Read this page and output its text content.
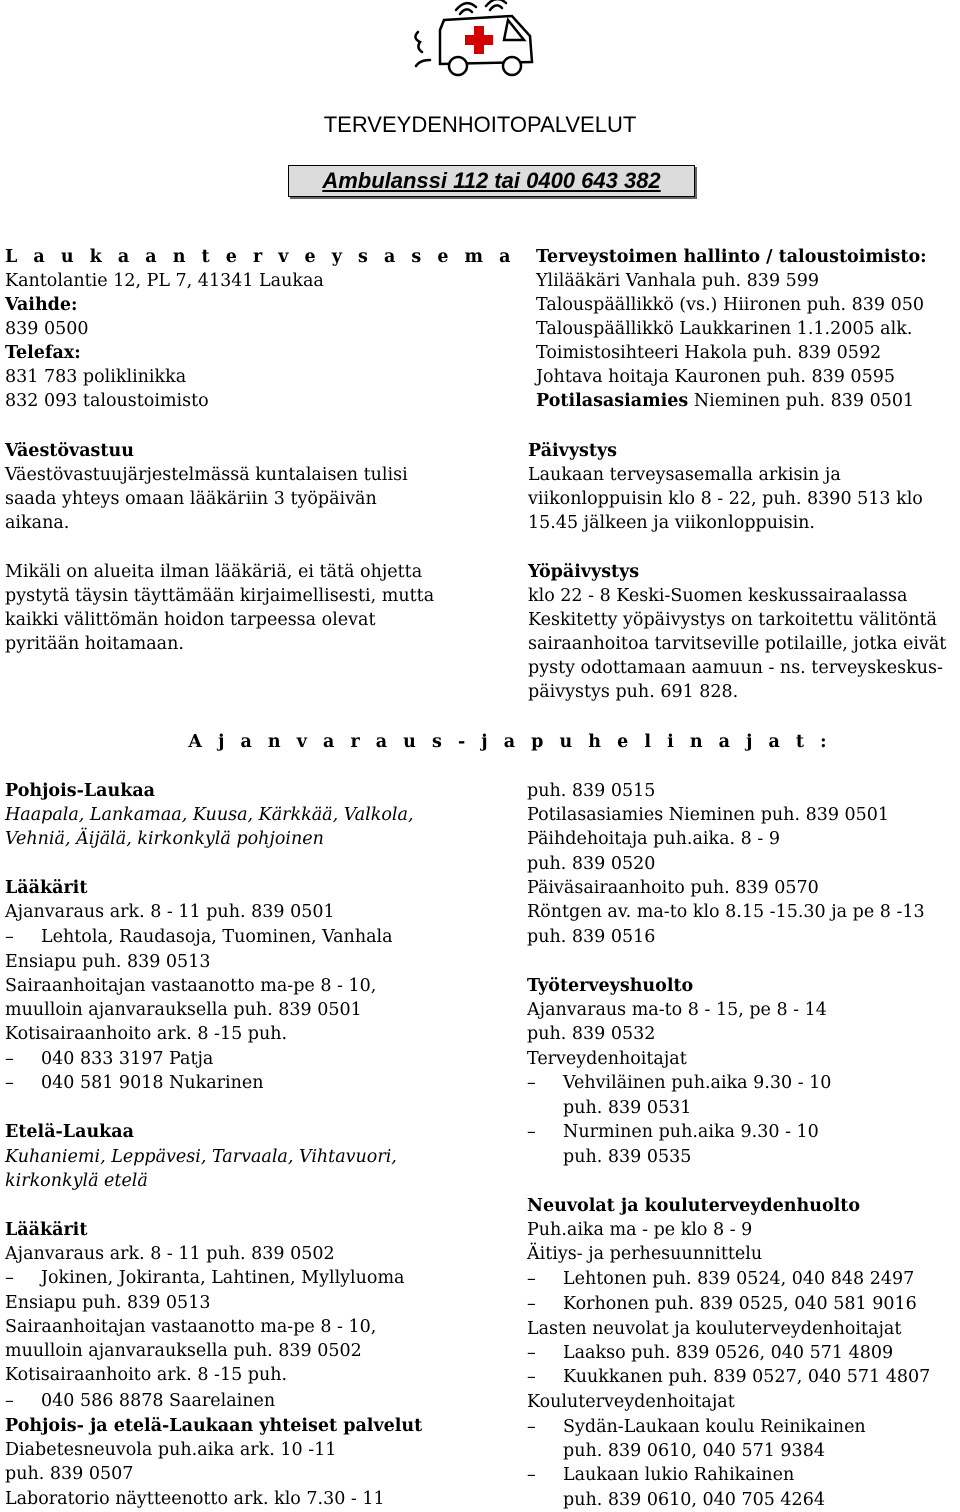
TERVEYDENHOITOPALVELUT
Ambulanssi 112 tai 0400 643 382
L a u k a a n t e r v e y s a s e m a
Kantolantie 12, PL 7, 41341 Laukaa
Vaihde:
839 0500
Telefax:
831 783 poliklinikka
832 093 taloustoimisto
Väestövastuu
Väestövastuujärjestelmässä kuntalaisen tulisi
saada yhteys omaan lääkäriin 3 työpäivän
aikana.
Mikäli on alueita ilman lääkäriä, ei tätä ohjetta
pystytä täysin täyttämään kirjaimellisesti, mutta
kaikki välittömän hoidon tarpeessa olevat
pyritään hoitamaan.
Terveystoimen hallinto / taloustoimisto:
Ylilääkäri Vanhala puh. 839 599
Talouspäällikkö (vs.) Hiironen puh. 839 050
Talouspäällikkö Laukkarinen 1.1.2005 alk.
Toimistosihteeri Hakola puh. 839 0592
Johtava hoitaja Kauronen puh. 839 0595
Potilasasiamies Nieminen puh. 839 0501
Päivystys
Laukaan terveysasemalla arkisin ja
viikonloppuisin klo 8 - 22, puh. 8390 513 klo
15.45 jälkeen ja viikonloppuisin.
Yöpäivystys
klo 22 - 8 Keski-Suomen keskussairaalassa
Keskitetty yöpäivystys on tarkoitettu välitöntä
sairaanhoitoa tarvitseville potilaille, jotka eivät
pysty odottamaan aamuun - ns. terveyskeskus-
päivystys puh. 691 828.
A j a n v a r a u s - j a p u h e l i n a j a t :
Pohjois-Laukaa
Haapala, Lankamaa, Kuusa, Kärkkää, Valkola,
Vehniä, Äijälä, kirkonkylä pohjoinen
Lääkärit
Ajanvaraus ark. 8 - 11 puh. 839 0501
– Lehtola, Raudasoja, Tuominen, Vanhala
Ensiapu puh. 839 0513
Sairaanhoitajan vastaanotto ma-pe 8 - 10,
muulloin ajanvarauksella puh. 839 0501
Kotisairaanhoito ark. 8 -15 puh.
– 040 833 3197 Patja
– 040 581 9018 Nukarinen
Etelä-Laukaa
Kuhaniemi, Leppävesi, Tarvaala, Vihtavuori,
kirkonkylä etelä
Lääkärit
Ajanvaraus ark. 8 - 11 puh. 839 0502
– Jokinen, Jokiranta, Lahtinen, Myllyluoma
Ensiapu puh. 839 0513
Sairaanhoitajan vastaanotto ma-pe 8 - 10,
muulloin ajanvarauksella puh. 839 0502
Kotisairaanhoito ark. 8 -15 puh.
– 040 586 8878 Saarelainen
Pohjois- ja etelä-Laukaan yhteiset palvelut
Diabetesneuvola puh.aika ark. 10 -11
puh. 839 0507
Laboratorio näytteenotto ark. klo 7.30 - 11
puh. 839 0515
Potilasasiamies Nieminen puh. 839 0501
Päihdehoitaja puh.aika. 8 - 9
puh. 839 0520
Päiväsairaanhoito puh. 839 0570
Röntgen av. ma-to klo 8.15 -15.30 ja pe 8 -13
puh. 839 0516
Työterveyshuolto
Ajanvaraus ma-to 8 - 15, pe 8 - 14
puh. 839 0532
Terveydenhoitajat
– Vehviläinen puh.aika 9.30 - 10
puh. 839 0531
– Nurminen puh.aika 9.30 - 10
puh. 839 0535
Neuvolat ja kouluterveydenhuolto
Puh.aika ma - pe klo 8 - 9
Äitiys- ja perhesuunnittelu
– Lehtonen puh. 839 0524, 040 848 2497
– Korhonen puh. 839 0525, 040 581 9016
Lasten neuvolat ja kouluterveydenhoitajat
– Laakso puh. 839 0526, 040 571 4809
– Kuukkanen puh. 839 0527, 040 571 4807
Kouluterveydenhoitajat
– Sydän-Laukaan koulu Reinikainen
puh. 839 0610, 040 571 9384
– Laukaan lukio Rahikainen
puh. 839 0610, 040 705 4264
